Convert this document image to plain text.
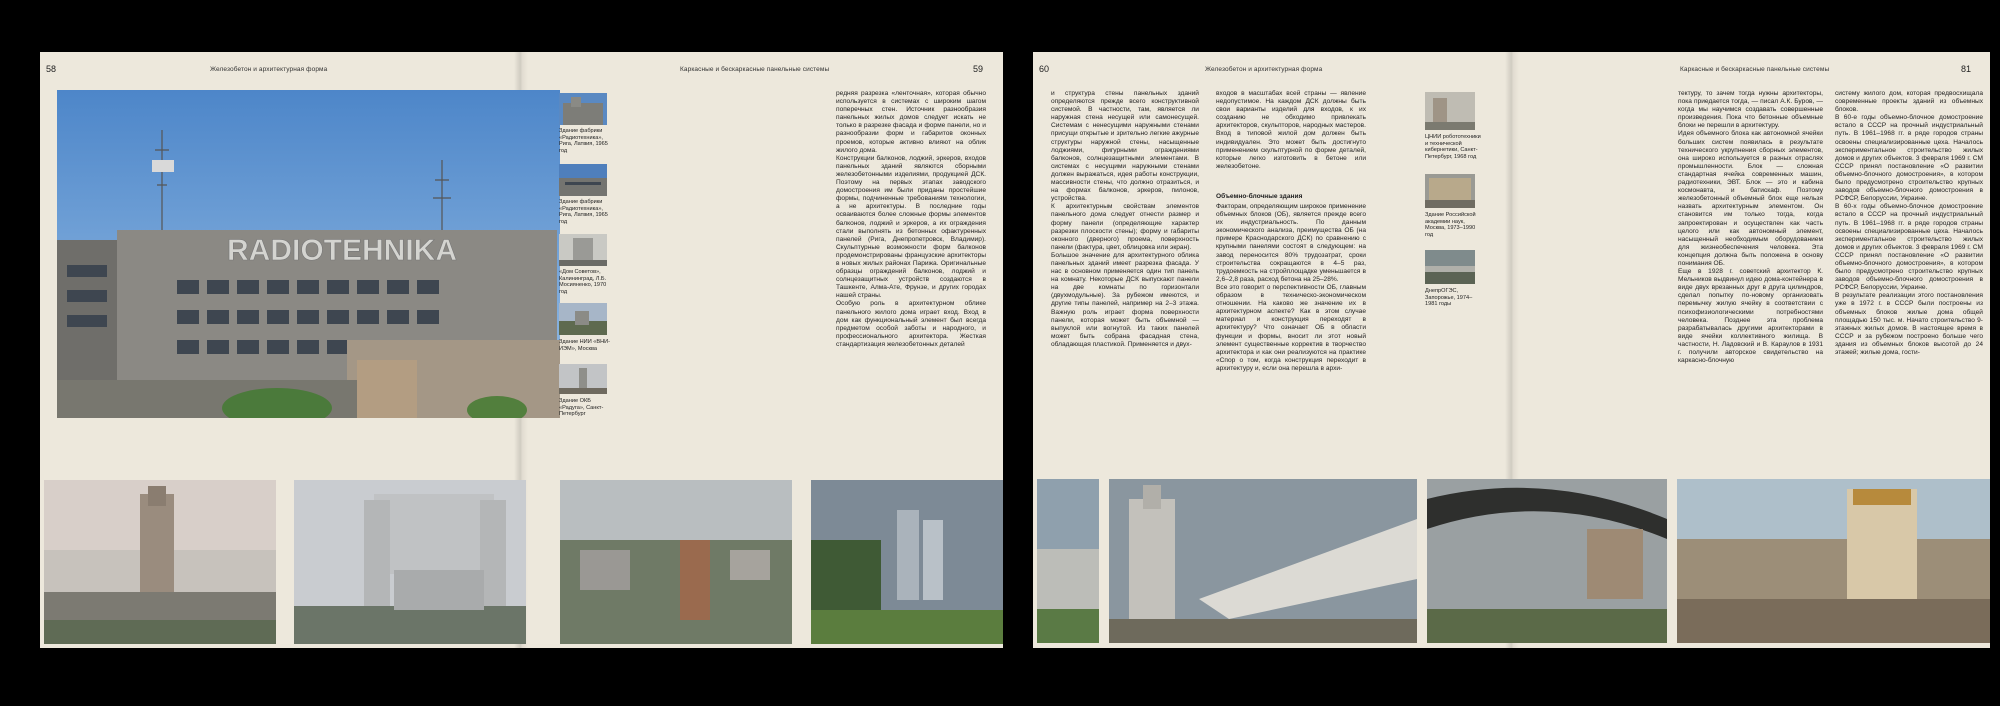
58	Железобетон и архитектурная форма	Каркасные и бескаркасные панельные системы	59
RADIOTEHNIKA
Здание фабрики «Радиотехника», Рига, Латвия, 1965 год
Здание фабрики «Радиотехника», Рига, Латвия, 1965 год
«Дом Советов», Калининград, Л.Б. Мосияненко, 1970 год
Здание НИИ «ВНИ-ИЭМ», Москва
Здание ОКБ «Радуга», Санкт-Петербург
редняя разрезка «ленточная», которая обычно используется в системах с широким шагом поперечных стен. Источник разнообразия панельных жилых домов следует искать не только в разрезке фасада и форме панели, но и разнообразии форм и габаритов оконных проемов, которые активно влияют на облик жилого дома.
Конструкции балконов, лоджий, эркеров, входов панельных зданий являются сборными железобетонными изделиями, продукцией ДСК. Поэтому на первых этапах заводского домостроения им были приданы простейшие формы, подчиненные требованиям технологии, а не архитектуры. В последние годы осваиваются более сложные формы элементов балконов, лоджий и эркеров, а их ограждения стали выполнять из бетонных офактуренных панелей (Рига, Днепропетровск, Владимир). Скульптурные возможности форм балконов продемонстрированы французские архитекторы в новых жилых районах Парижа. Оригинальные образцы ограждений балконов, лоджий и солнцезащитных устройств создаются в Ташкенте, Алма-Ате, Фрунзе, и других городах нашей страны.
Особую роль в архитектурном облике панельного жилого дома играет вход. Вход в дом как функциональный элемент был всегда предметом особой заботы и народного, и профессионального архитектора. Жесткая стандартизация железобетонных деталей
60	Железобетон и архитектурная форма	Каркасные и бескаркасные панельные системы	81
и структура стены панельных зданий определяются прежде всего конструктивной системой. В частности, там, является ли наружная стена несущей или самонесущей. Системам с ненесущими наружными стенами присущи открытые и зрительно легкие ажурные структуры наружной стены, насыщенные лоджиями, фигурными ограждениями балконов, солнцезащитными элементами. В системах с несущими наружными стенами должен выражаться, идея работы конструкции, массивности стены, что должно отразиться, и на формах балконов, эркеров, пилонов, устройства.
К архитектурным свойствам элементов панельного дома следует отнести размер и форму панели (определяющие характер разрезки плоскости стены); форму и габариты оконного (дверного) проема, поверхность панели (фактура, цвет, облицовка или экран).
Большое значение для архитектурного облика панельных зданий имеет разрезка фасада. У нас в основном применяется один тип панель на комнату. Некоторые ДСК выпускают панели на две комнаты по горизонтали (двухмодульные). За рубежом имеются, и другие типы панелей, например на 2–3 этажа. Важную роль играет форма поверхности панели, которая может быть объемной — выпуклой или вогнутой. Из таких панелей может быть собрана фасадная стена, обладающая пластикой. Применяется и двух-
входов в масштабах всей страны — явление недопустимое. На каждом ДСК должны быть свои варианты изделий для входов, к их созданию не обходимо привлекать архитекторов, скульпторов, народных мастеров. Вход в типовой жилой дом должен быть индивидуален. Это может быть достигнуто применением скульптурной по форме деталей, которые легко изготовить в бетоне или железобетоне.
Объемно-блочные здания
Факторам, определяющим широкое применение объемных блоков (ОБ), является прежде всего их индустриальность. По данным экономического анализа, преимущества ОБ (на примере Краснодарского ДСК) по сравнению с крупными панелями состоят в следующем: на завод переносится 80% трудозатрат, сроки строительства сокращаются в 4–5 раз, трудоемкость на стройплощадке уменьшается в 2,6–2,8 раза, расход бетона на 25–28%.
Все это говорит о перспективности ОБ, главным образом в техническо-экономическом отношении. На каково же значение их в архитектурном аспекте? Как в этом случае материал и конструкция переходят в архитектуру? Что означает ОБ в области функции и формы, вносит ли этот новый элемент существенные корректив в творчество архитектора и как они реализуются на практике «Спор о том, когда конструкция переходит в архитектуру и, если она перешла в архи-
ЦНИИ робототехники и технической кибернетики, Санкт-Петербург, 1968 год
Здание Российской академии наук, Москва, 1973–1990 год
ДнепрОГЭС, Запорожье, 1974–1981 годы
тектуру, то зачем тогда нужны архитекторы, пока приедается тогда, — писал А.К. Буров, — когда мы научимся создавать совершенные произведения. Пока что бетонные объемные блоки не перешли в архитектуру.
Идея объемного блока как автономной ячейки больших систем появилась в результате технического укрупнения сборных элементов, она широко используется в разных отраслях промышленности. Блок — сложная стандартная ячейка современных машин, радиотехники, ЭВТ. Блок — это и кабина космонавта, и батискаф. Поэтому железобетонный объемный блок еще нельзя назвать архитектурным элементом. Он становится им только тогда, когда запроектирован и осуществлен как часть целого или как автономный элемент, насыщенный необходимым оборудованием для жизнеобеспечения человека. Эта концепция должна быть положена в основу понимания ОБ.
Еще в 1928 г. советский архитектор К. Мельников выдвинул идею дома-контейнера в виде двух врезанных друг в друга цилиндров, сделал попытку по-новому организовать перемычку жилую ячейку в соответствии с психофизиологическими потребностями человека. Позднее эта проблема разрабатывалась другими архитекторами в виде ячейки коллективного жилища. В частности, Н. Ладовский и В. Караулов в 1931 г. получили авторское свидетельство на каркасно-блочную
систему жилого дом, которая предвосхищала современные проекты зданий из объемных блоков.
В 60-е годы объемно-блочное домостроение встало в СССР на прочный индустриальный путь. В 1961–1968 гг. в ряде городов страны освоены специализированные цеха. Началось экспериментальное строительство жилых домов и других объектов. 3 февраля 1969 г. СМ СССР принял постановление «О развитии объемно-блочного домостроения», в котором было предусмотрено строительство крупных заводов объемно-блочного домостроения в РСФСР, Белоруссии, Украине.
В 60-х годы объемно-блочное домостроение встало в СССР на прочный индустриальный путь. В 1961–1968 гг. в ряде городов страны освоены специализированные цеха. Началось экспериментальное строительство жилых домов и других объектов. 3 февраля 1969 г. СМ СССР принял постановление «О развитии объемно-блочного домостроения», в котором было предусмотрено строительство крупных заводов объемно-блочного домостроения в РСФСР, Белоруссии, Украине.
В результате реализации этого постановления уже в 1972 г. в СССР были построены из объемных блоков жилые дома общей площадью 150 тыс. м. Начато строительство 9-этажных жилых домов. В настоящее время в СССР и за рубежом построено больше чего здания из объемных блоков высотой до 24 этажей; жилые дома, гости-
